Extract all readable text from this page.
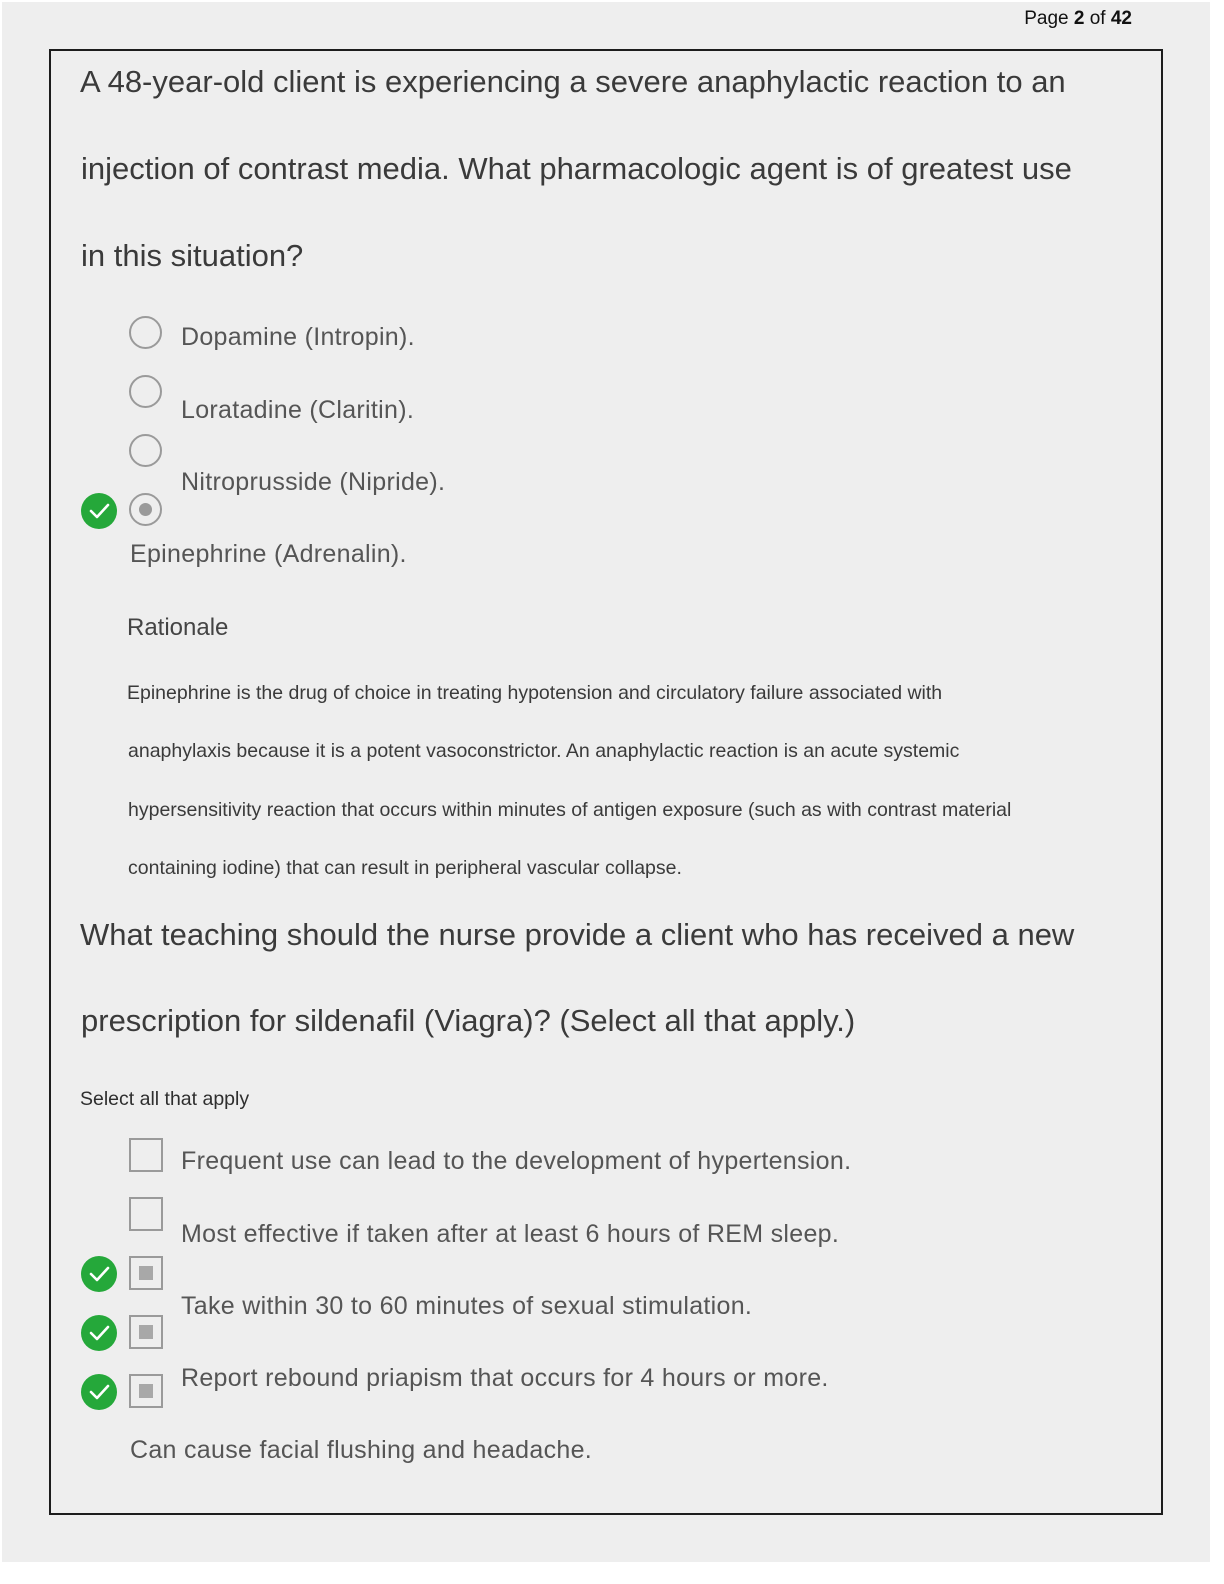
Page 2 of 42
A 48-year-old client is experiencing a severe anaphylactic reaction to an
injection of contrast media. What pharmacologic agent is of greatest use
in this situation?
Dopamine (Intropin).
Loratadine (Claritin).
Nitroprusside (Nipride).
Epinephrine (Adrenalin).
Rationale
Epinephrine is the drug of choice in treating hypotension and circulatory failure associated with
anaphylaxis because it is a potent vasoconstrictor. An anaphylactic reaction is an acute systemic
hypersensitivity reaction that occurs within minutes of antigen exposure (such as with contrast material
containing iodine) that can result in peripheral vascular collapse.
What teaching should the nurse provide a client who has received a new
prescription for sildenafil (Viagra)? (Select all that apply.)
Select all that apply
Frequent use can lead to the development of hypertension.
Most effective if taken after at least 6 hours of REM sleep.
Take within 30 to 60 minutes of sexual stimulation.
Report rebound priapism that occurs for 4 hours or more.
Can cause facial flushing and headache.
